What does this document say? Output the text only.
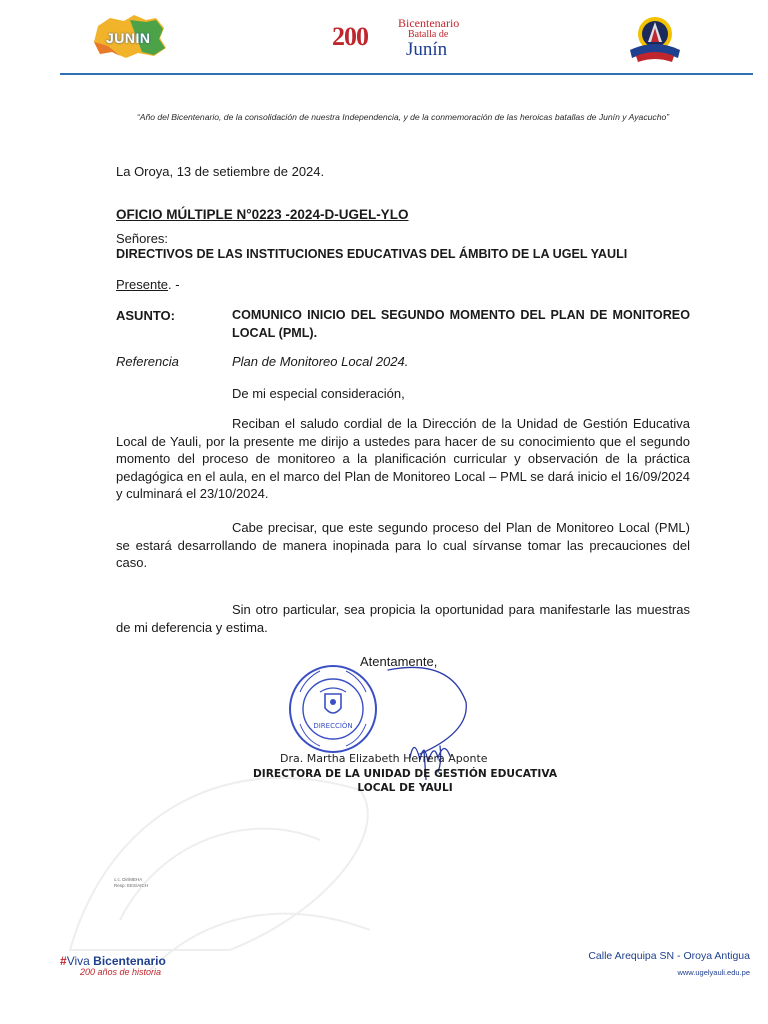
JUNIN	200	Bicentenario
Batalla de
Junín
“Año del Bicentenario, de la consolidación de nuestra Independencia, y de la conmemoración de las heroicas batallas de Junín y Ayacucho”
La Oroya, 13 de setiembre de 2024.
OFICIO MÚLTIPLE N°0223 -2024-D-UGEL-YLO
Señores:
DIRECTIVOS DE LAS INSTITUCIONES EDUCATIVAS DEL ÁMBITO DE LA UGEL YAULI
Presente. -
ASUNTO:	COMUNICO INICIO DEL SEGUNDO MOMENTO DEL PLAN DE MONITOREO LOCAL (PML).
Referencia	Plan de Monitoreo Local 2024.
De mi especial consideración,
Reciban el saludo cordial de la Dirección de la Unidad de Gestión Educativa Local de Yauli, por la presente me dirijo a ustedes para hacer de su conocimiento que el segundo momento del proceso de monitoreo a la planificación curricular y observación de la práctica pedagógica en el aula, en el marco del Plan de Monitoreo Local – PML se dará inicio el 16/09/2024 y culminará el 23/10/2024.
Cabe precisar, que este segundo proceso del Plan de Monitoreo Local (PML) se estará desarrollando de manera inopinada para lo cual sírvanse tomar las precauciones del caso.
Sin otro particular, sea propicia la oportunidad para manifestarle las muestras de mi deferencia y estima.
Atentamente,
DIRECCIÓN
Dra. Martha Elizabeth Herrera Aponte
DIRECTORA DE LA UNIDAD DE GESTIÓN EDUCATIVA
LOCAL DE YAULI
c.c. Dir/MEHA
Resp: EES/AICH
#Viva Bicentenario
200 años de historia
Calle Arequipa SN - Oroya Antigua
www.ugelyauli.edu.pe
